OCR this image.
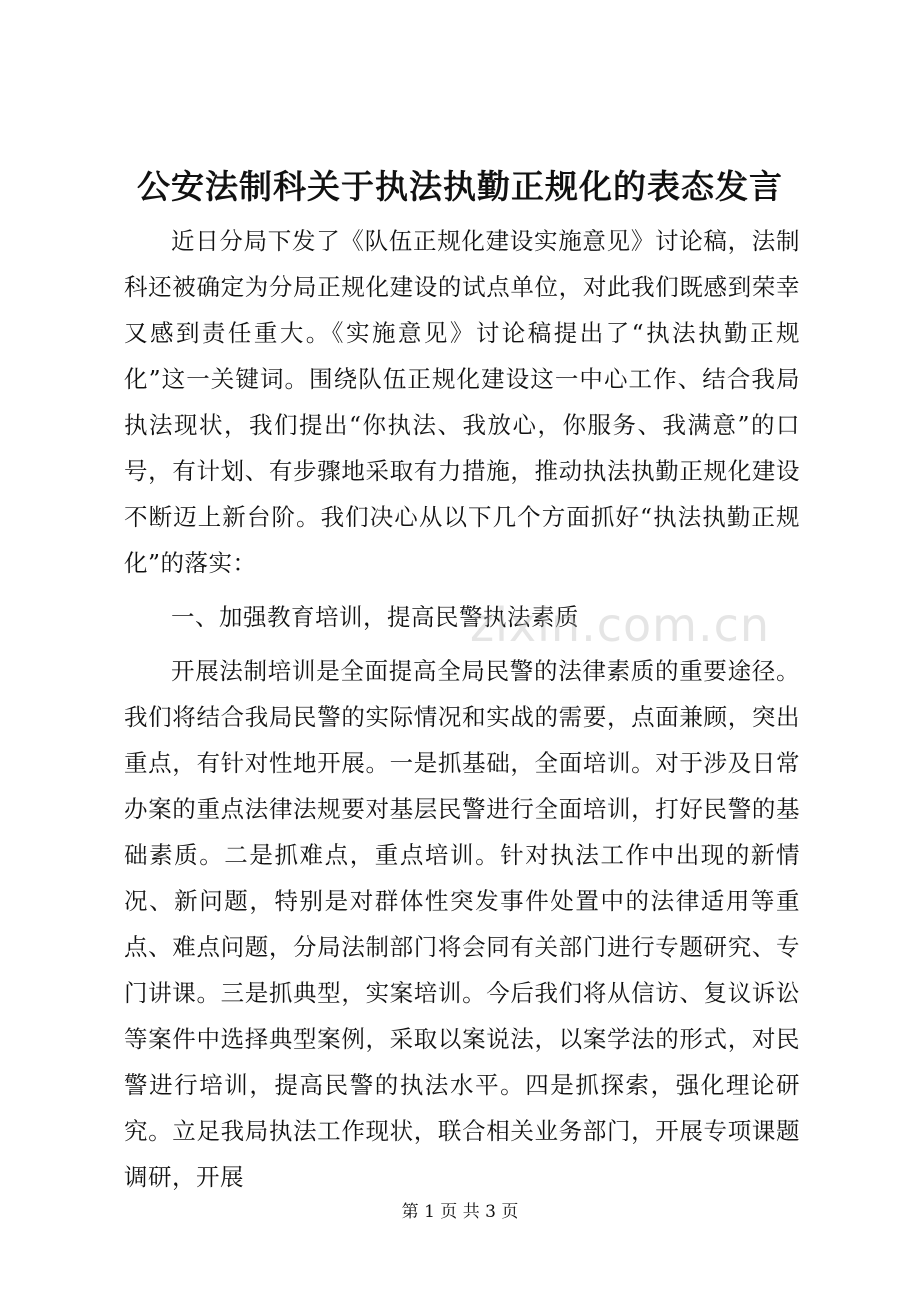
公安法制科关于执法执勤正规化的表态发言

近日分局下发了《队伍正规化建设实施意见》讨论稿，法制科还被确定为分局正规化建设的试点单位，对此我们既感到荣幸又感到责任重大。《实施意见》讨论稿提出了“执法执勤正规化”这一关键词。围绕队伍正规化建设这一中心工作、结合我局执法现状，我们提出“你执法、我放心，你服务、我满意”的口号，有计划、有步骤地采取有力措施，推动执法执勤正规化建设不断迈上新台阶。我们决心从以下几个方面抓好“执法执勤正规化”的落实：

一、加强教育培训，提高民警执法素质

开展法制培训是全面提高全局民警的法律素质的重要途径。我们将结合我局民警的实际情况和实战的需要，点面兼顾，突出重点，有针对性地开展。一是抓基础，全面培训。对于涉及日常办案的重点法律法规要对基层民警进行全面培训，打好民警的基础素质。二是抓难点，重点培训。针对执法工作中出现的新情况、新问题，特别是对群体性突发事件处置中的法律适用等重点、难点问题，分局法制部门将会同有关部门进行专题研究、专门讲课。三是抓典型，实案培训。今后我们将从信访、复议诉讼等案件中选择典型案例，采取以案说法，以案学法的形式，对民警进行培训，提高民警的执法水平。四是抓探索，强化理论研究。立足我局执法工作现状，联合相关业务部门，开展专项课题调研，开展

zixin.com.cn
第 1 页 共 3 页
